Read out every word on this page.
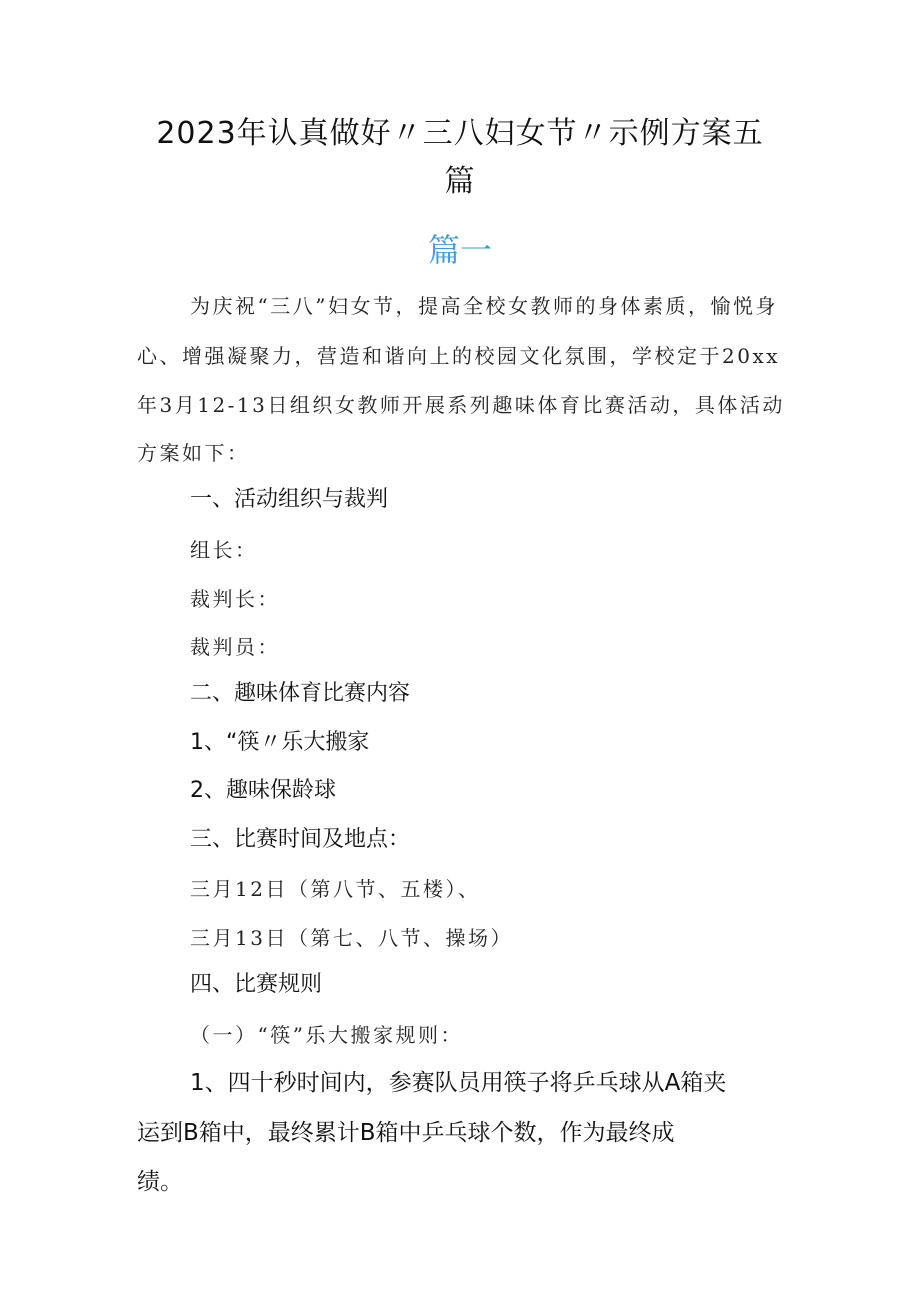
2023年认真做好〃三八妇女节〃示例方案五
篇
篇一
为庆祝“三八”妇女节，提高全校女教师的身体素质，愉悦身
心、增强凝聚力，营造和谐向上的校园文化氛围，学校定于20xx
年3月12-13日组织女教师开展系列趣味体育比赛活动，具体活动
方案如下：
一、活动组织与裁判
组长：
裁判长：
裁判员：
二、趣味体育比赛内容
1、“筷〃乐大搬家
2、趣味保龄球
三、比赛时间及地点：
三月12日（第八节、五楼）、
三月13日（第七、八节、操场）
四、比赛规则
（一）“筷”乐大搬家规则：
1、四十秒时间内，参赛队员用筷子将乒乓球从A箱夹
运到B箱中，最终累计B箱中乒乓球个数，作为最终成
绩。
